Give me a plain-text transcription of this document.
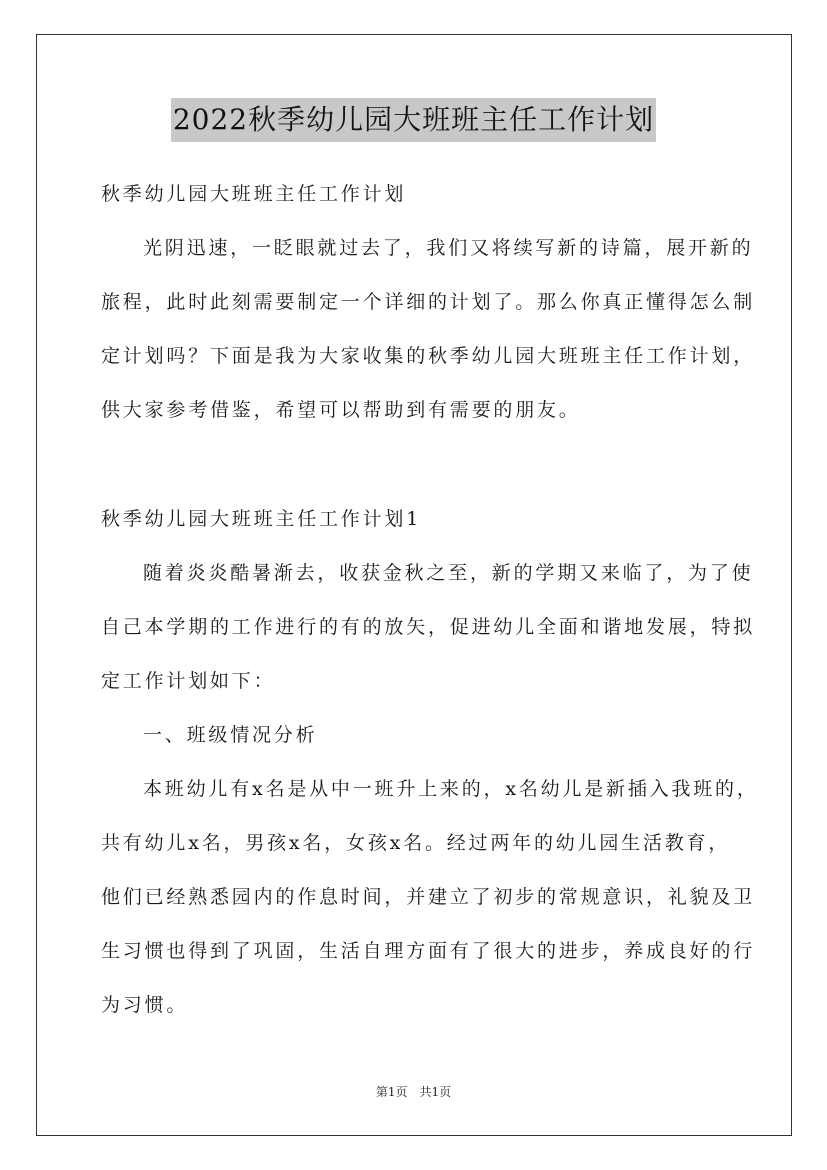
2022秋季幼儿园大班班主任工作计划
秋季幼儿园大班班主任工作计划
光阴迅速，一眨眼就过去了，我们又将续写新的诗篇，展开新的
旅程，此时此刻需要制定一个详细的计划了。那么你真正懂得怎么制
定计划吗？下面是我为大家收集的秋季幼儿园大班班主任工作计划，
供大家参考借鉴，希望可以帮助到有需要的朋友。
秋季幼儿园大班班主任工作计划1
随着炎炎酷暑渐去，收获金秋之至，新的学期又来临了，为了使
自己本学期的工作进行的有的放矢，促进幼儿全面和谐地发展，特拟
定工作计划如下：
一、班级情况分析
本班幼儿有x名是从中一班升上来的，x名幼儿是新插入我班的，
共有幼儿x名，男孩x名，女孩x名。经过两年的幼儿园生活教育，
他们已经熟悉园内的作息时间，并建立了初步的常规意识，礼貌及卫
生习惯也得到了巩固，生活自理方面有了很大的进步，养成良好的行
为习惯。
第1页　共1页
